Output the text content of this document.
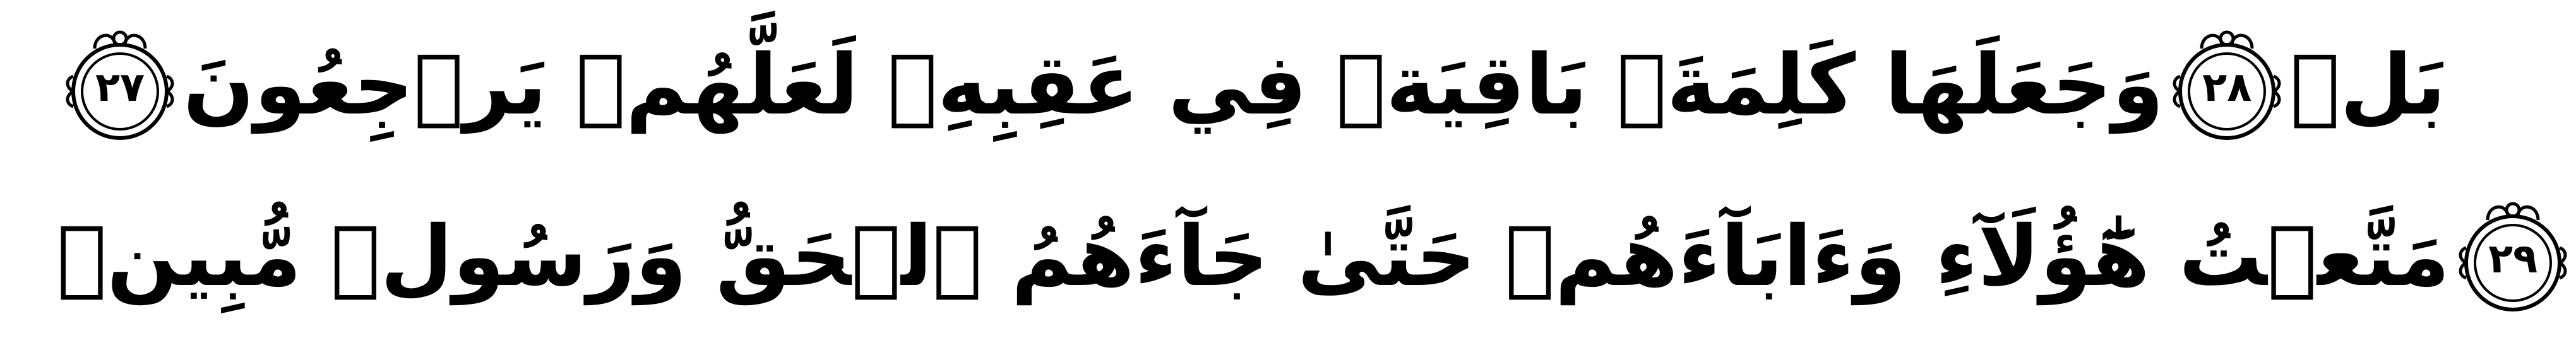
٢٧ وَجَعَلَهَا كَلِمَةَۢ بَاقِيَةࣰ فِي عَقِبِهِۦ لَعَلَّهُمۡ يَرۡجِعُونَ ٢٨ بَلۡ
مَتَّعۡتُ هَٰٓؤُلَآءِ وَءَابَآءَهُمۡ حَتَّىٰ جَآءَهُمُ ٱلۡحَقُّ وَرَسُولࣱ مُّبِينࣱ ٢٩
